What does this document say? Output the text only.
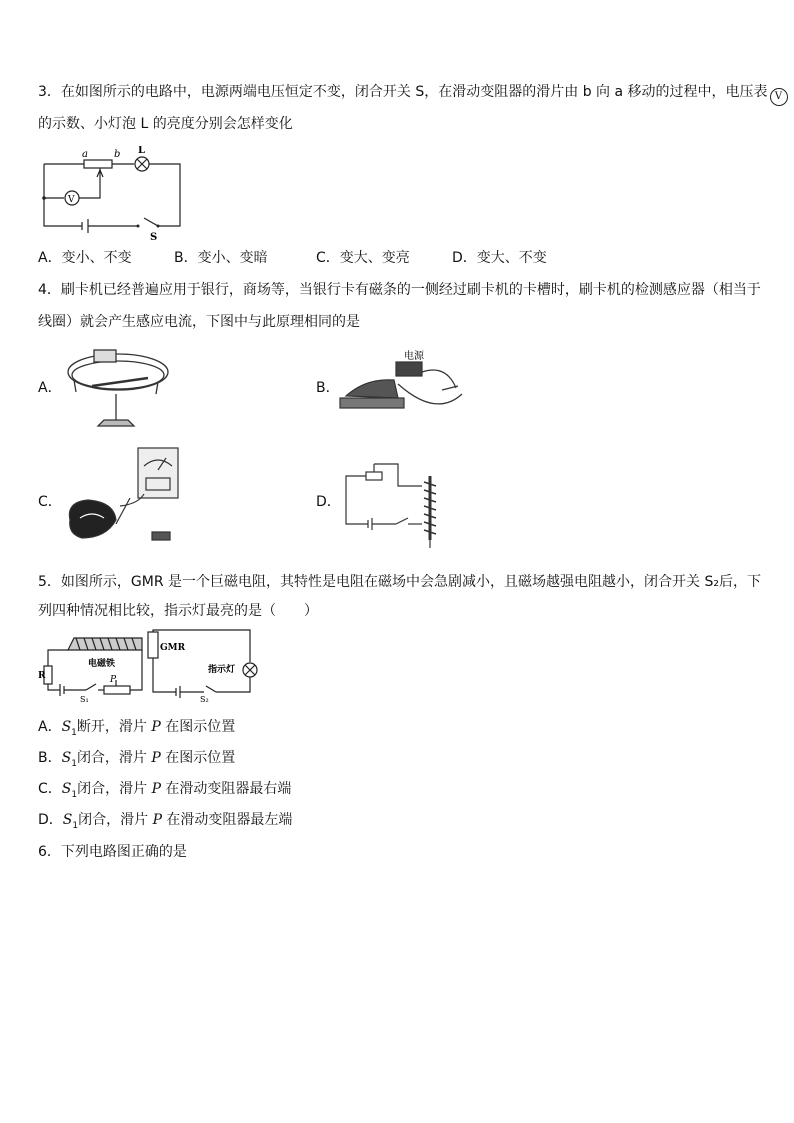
3．在如图所示的电路中，电源两端电压恒定不变，闭合开关 S，在滑动变阻器的滑片由 b 向 a 移动的过程中，电压表 V
的示数、小灯泡 L 的亮度分别会怎样变化
a	b L
V
S
A．变小、不变	B．变小、变暗	C．变大、变亮	D．变大、不变
4．刷卡机已经普遍应用于银行，商场等，当银行卡有磁条的一侧经过刷卡机的卡槽时，刷卡机的检测感应器（相当于
线圈）就会产生感应电流，下图中与此原理相同的是
A．	B．
电源
C．	D．
5．如图所示，GMR 是一个巨磁电阻，其特性是电阻在磁场中会急剧减小，且磁场越强电阻越小，闭合开关 S₂后，下
列四种情况相比较，指示灯最亮的是（　　）
电磁铁
GMR
指示灯
R	P
S₁	S₂
A．$S_1$断开，滑片 P 在图示位置
B．$S_1$闭合，滑片 P 在图示位置
C．$S_1$闭合，滑片 P 在滑动变阻器最右端
D．$S_1$闭合，滑片 P 在滑动变阻器最左端
6．下列电路图正确的是
